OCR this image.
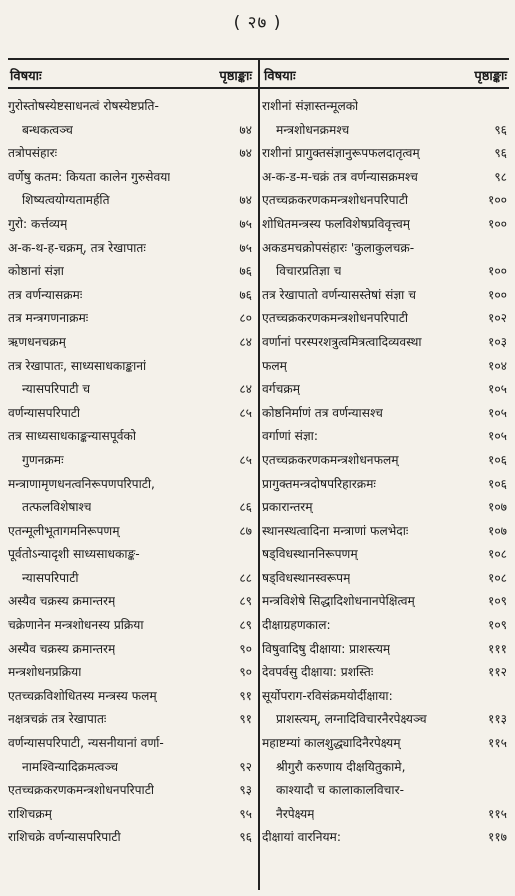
( २७ )
विषयाः	पृष्ठाङ्काः
गुरोस्तोषस्येष्टसाधनत्वं रोषस्येष्टप्रति-
बन्धकत्वञ्च	७४
तत्रोपसंहारः	७४
वर्णेषु कतम: कियता कालेन गुरुसेवया
शिष्यत्वयोग्यतामर्हति	७४
गुरो: कर्त्तव्यम्	७५
अ-क-थ-ह-चक्रम्, तत्र रेखापातः	७५
कोष्ठानां संज्ञा	७६
तत्र वर्णन्यासक्रमः	७६
तत्र मन्त्रगणनाक्रमः	८०
ऋणधनचक्रम्	८४
तत्र रेखापातः, साध्यसाधकाङ्कानां
न्यासपरिपाटी च	८४
वर्णन्यासपरिपाटी	८५
तत्र साध्यसाधकाङ्कन्यासपूर्वको
गुणनक्रमः	८५
मन्त्राणामृणधनत्वनिरूपणपरिपाटी,
तत्फलविशेषाश्च	८६
एतन्मूलीभूतागमनिरूपणम्	८७
पूर्वतोऽन्यादृशी साध्यसाधकाङ्क-
न्यासपरिपाटी	८८
अस्यैव चक्रस्य क्रमान्तरम्	८९
चक्रेणानेन मन्त्रशोधनस्य प्रक्रिया	८९
अस्यैव चक्रस्य क्रमान्तरम्	९०
मन्त्रशोधनप्रक्रिया	९०
एतच्चक्रविशोधितस्य मन्त्रस्य फलम्	९१
नक्षत्रचक्रं तत्र रेखापातः	९१
वर्णन्यासपरिपाटी, न्यसनीयानां वर्णा-
नामश्विन्यादिक्रमत्वञ्च	९२
एतच्चक्रकरणकमन्त्रशोधनपरिपाटी	९३
राशिचक्रम्	९५
राशिचक्रे वर्णन्यासपरिपाटी	९६
विषयाः	पृष्ठाङ्काः
राशीनां संज्ञास्तन्मूलको
मन्त्रशोधनक्रमश्च	९६
राशीनां प्रागुक्तसंज्ञानुरूपफलदातृत्वम्	९६
अ-क-ड-म-चक्रं तत्र वर्णन्यासक्रमश्च	९८
एतच्चक्रकरणकमन्त्रशोधनपरिपाटी	१००
शोधितमन्त्रस्य फलविशेषप्रविवृत्त्वम्	१००
अकडमचक्रोपसंहारः 'कुलाकुलचक्र-
विचारप्रतिज्ञा च	१००
तत्र रेखापातो वर्णन्यासस्तेषां संज्ञा च	१००
एतच्चक्रकरणकमन्त्रशोधनपरिपाटी	१०२
वर्णानां परस्परशत्रुत्वमित्रत्वादिव्यवस्था	१०३
फलम्	१०४
वर्गचक्रम्	१०५
कोष्ठनिर्माणं तत्र वर्णन्यासश्च	१०५
वर्गाणां संज्ञा:	१०५
एतच्चक्रकरणकमन्त्रशोधनफलम्	१०६
प्रागुक्तमन्त्रदोषपरिहारक्रमः	१०६
प्रकारान्तरम्	१०७
स्थानस्थत्वादिना मन्त्राणां फलभेदाः	१०७
षड्विधस्थाननिरूपणम्	१०८
षड्विधस्थानस्वरूपम्	१०८
मन्त्रविशेषे सिद्धादिशोधनानपेक्षित्वम्	१०९
दीक्षाग्रहणकाल:	१०९
विषुवादिषु दीक्षाया: प्राशस्त्यम्	१११
देवपर्वसु दीक्षाया: प्रशस्तिः	११२
सूर्योपराग-रविसंक्रमयोर्दीक्षाया:
प्राशस्त्यम्, लग्नादिविचारनैरपेक्ष्यञ्च	११३
महाष्टम्यां कालशुद्ध्यादिनैरपेक्ष्यम्	११५
श्रीगुरौ करुणाय दीक्षयितुकामे,
काश्यादौ च कालाकालविचार-
नैरपेक्ष्यम्	११५
दीक्षायां वारनियम:	११७
